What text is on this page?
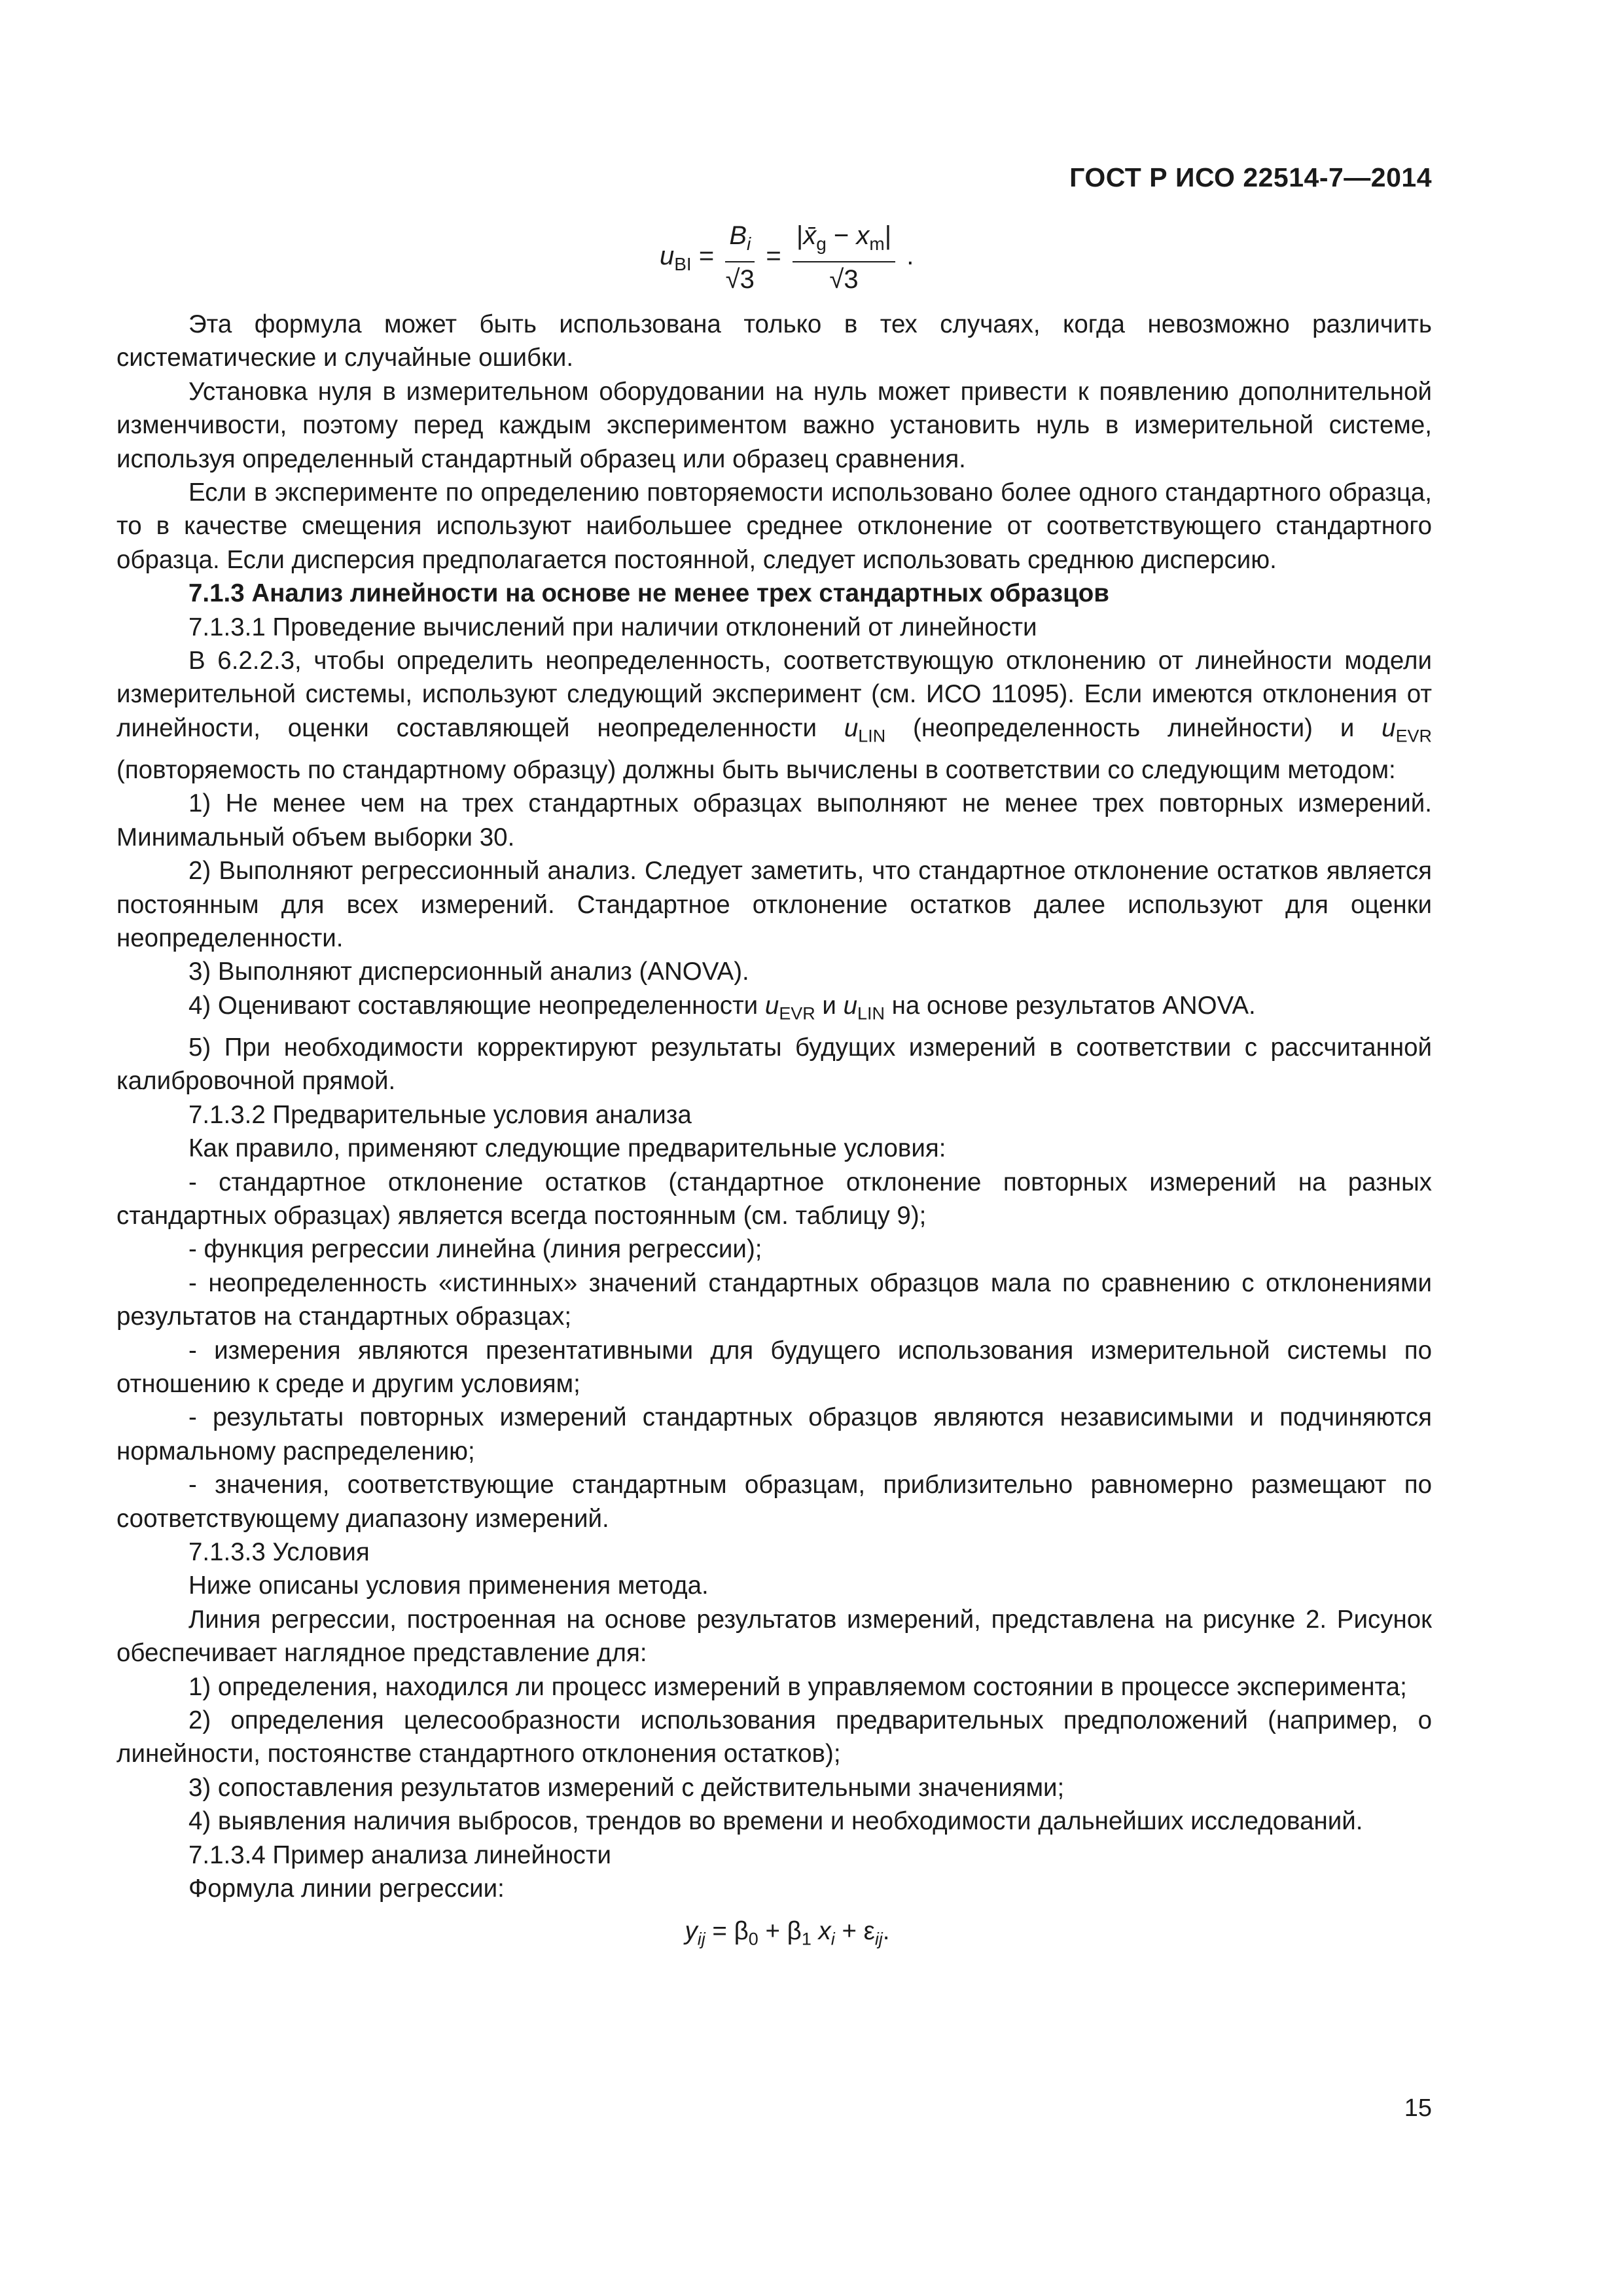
ГОСТ Р ИСО 22514-7—2014
$u_{BI} = \frac{B_i}{√3} = \frac{|x̄_g - x_m|}{√3}$ .

Эта формула может быть использована только в тех случаях, когда невозможно различить систематические и случайные ошибки.

Установка нуля в измерительном оборудовании на нуль может привести к появлению дополнительной изменчивости, поэтому перед каждым экспериментом важно установить нуль в измерительной системе, используя определенный стандартный образец или образец сравнения.

Если в эксперименте по определению повторяемости использовано более одного стандартного образца, то в качестве смещения используют наибольшее среднее отклонение от соответствующего стандартного образца. Если дисперсия предполагается постоянной, следует использовать среднюю дисперсию.

7.1.3 Анализ линейности на основе не менее трех стандартных образцов

7.1.3.1 Проведение вычислений при наличии отклонений от линейности

В 6.2.2.3, чтобы определить неопределенность, соответствующую отклонению от линейности модели измерительной системы, используют следующий эксперимент (см. ИСО 11095). Если имеются отклонения от линейности, оценки составляющей неопределенности $u_{LIN}$ (неопределенность линейности) и $u_{EVR}$ (повторяемость по стандартному образцу) должны быть вычислены в соответствии со следующим методом:

1) Не менее чем на трех стандартных образцах выполняют не менее трех повторных измерений. Минимальный объем выборки 30.

2) Выполняют регрессионный анализ. Следует заметить, что стандартное отклонение остатков является постоянным для всех измерений. Стандартное отклонение остатков далее используют для оценки неопределенности.

3) Выполняют дисперсионный анализ (ANOVA).

4) Оценивают составляющие неопределенности $u_{EVR}$ и $u_{LIN}$ на основе результатов ANOVA.

5) При необходимости корректируют результаты будущих измерений в соответствии с рассчитанной калибровочной прямой.

7.1.3.2 Предварительные условия анализа

Как правило, применяют следующие предварительные условия:

- стандартное отклонение остатков (стандартное отклонение повторных измерений на разных стандартных образцах) является всегда постоянным (см. таблицу 9);

- функция регрессии линейна (линия регрессии);

- неопределенность «истинных» значений стандартных образцов мала по сравнению с отклонениями результатов на стандартных образцах;

- измерения являются презентативными для будущего использования измерительной системы по отношению к среде и другим условиям;

- результаты повторных измерений стандартных образцов являются независимыми и подчиняются нормальному распределению;

- значения, соответствующие стандартным образцам, приблизительно равномерно размещают по соответствующему диапазону измерений.

7.1.3.3 Условия

Ниже описаны условия применения метода.

Линия регрессии, построенная на основе результатов измерений, представлена на рисунке 2. Рисунок обеспечивает наглядное представление для:

1) определения, находился ли процесс измерений в управляемом состоянии в процессе эксперимента;

2) определения целесообразности использования предварительных предположений (например, о линейности, постоянстве стандартного отклонения остатков);

3) сопоставления результатов измерений с действительными значениями;

4) выявления наличия выбросов, трендов во времени и необходимости дальнейших исследований.

7.1.3.4 Пример анализа линейности

Формула линии регрессии:

$y_{ij} = \beta_0 + \beta_1$ $x_i + \varepsilon_{ij}$.

15
